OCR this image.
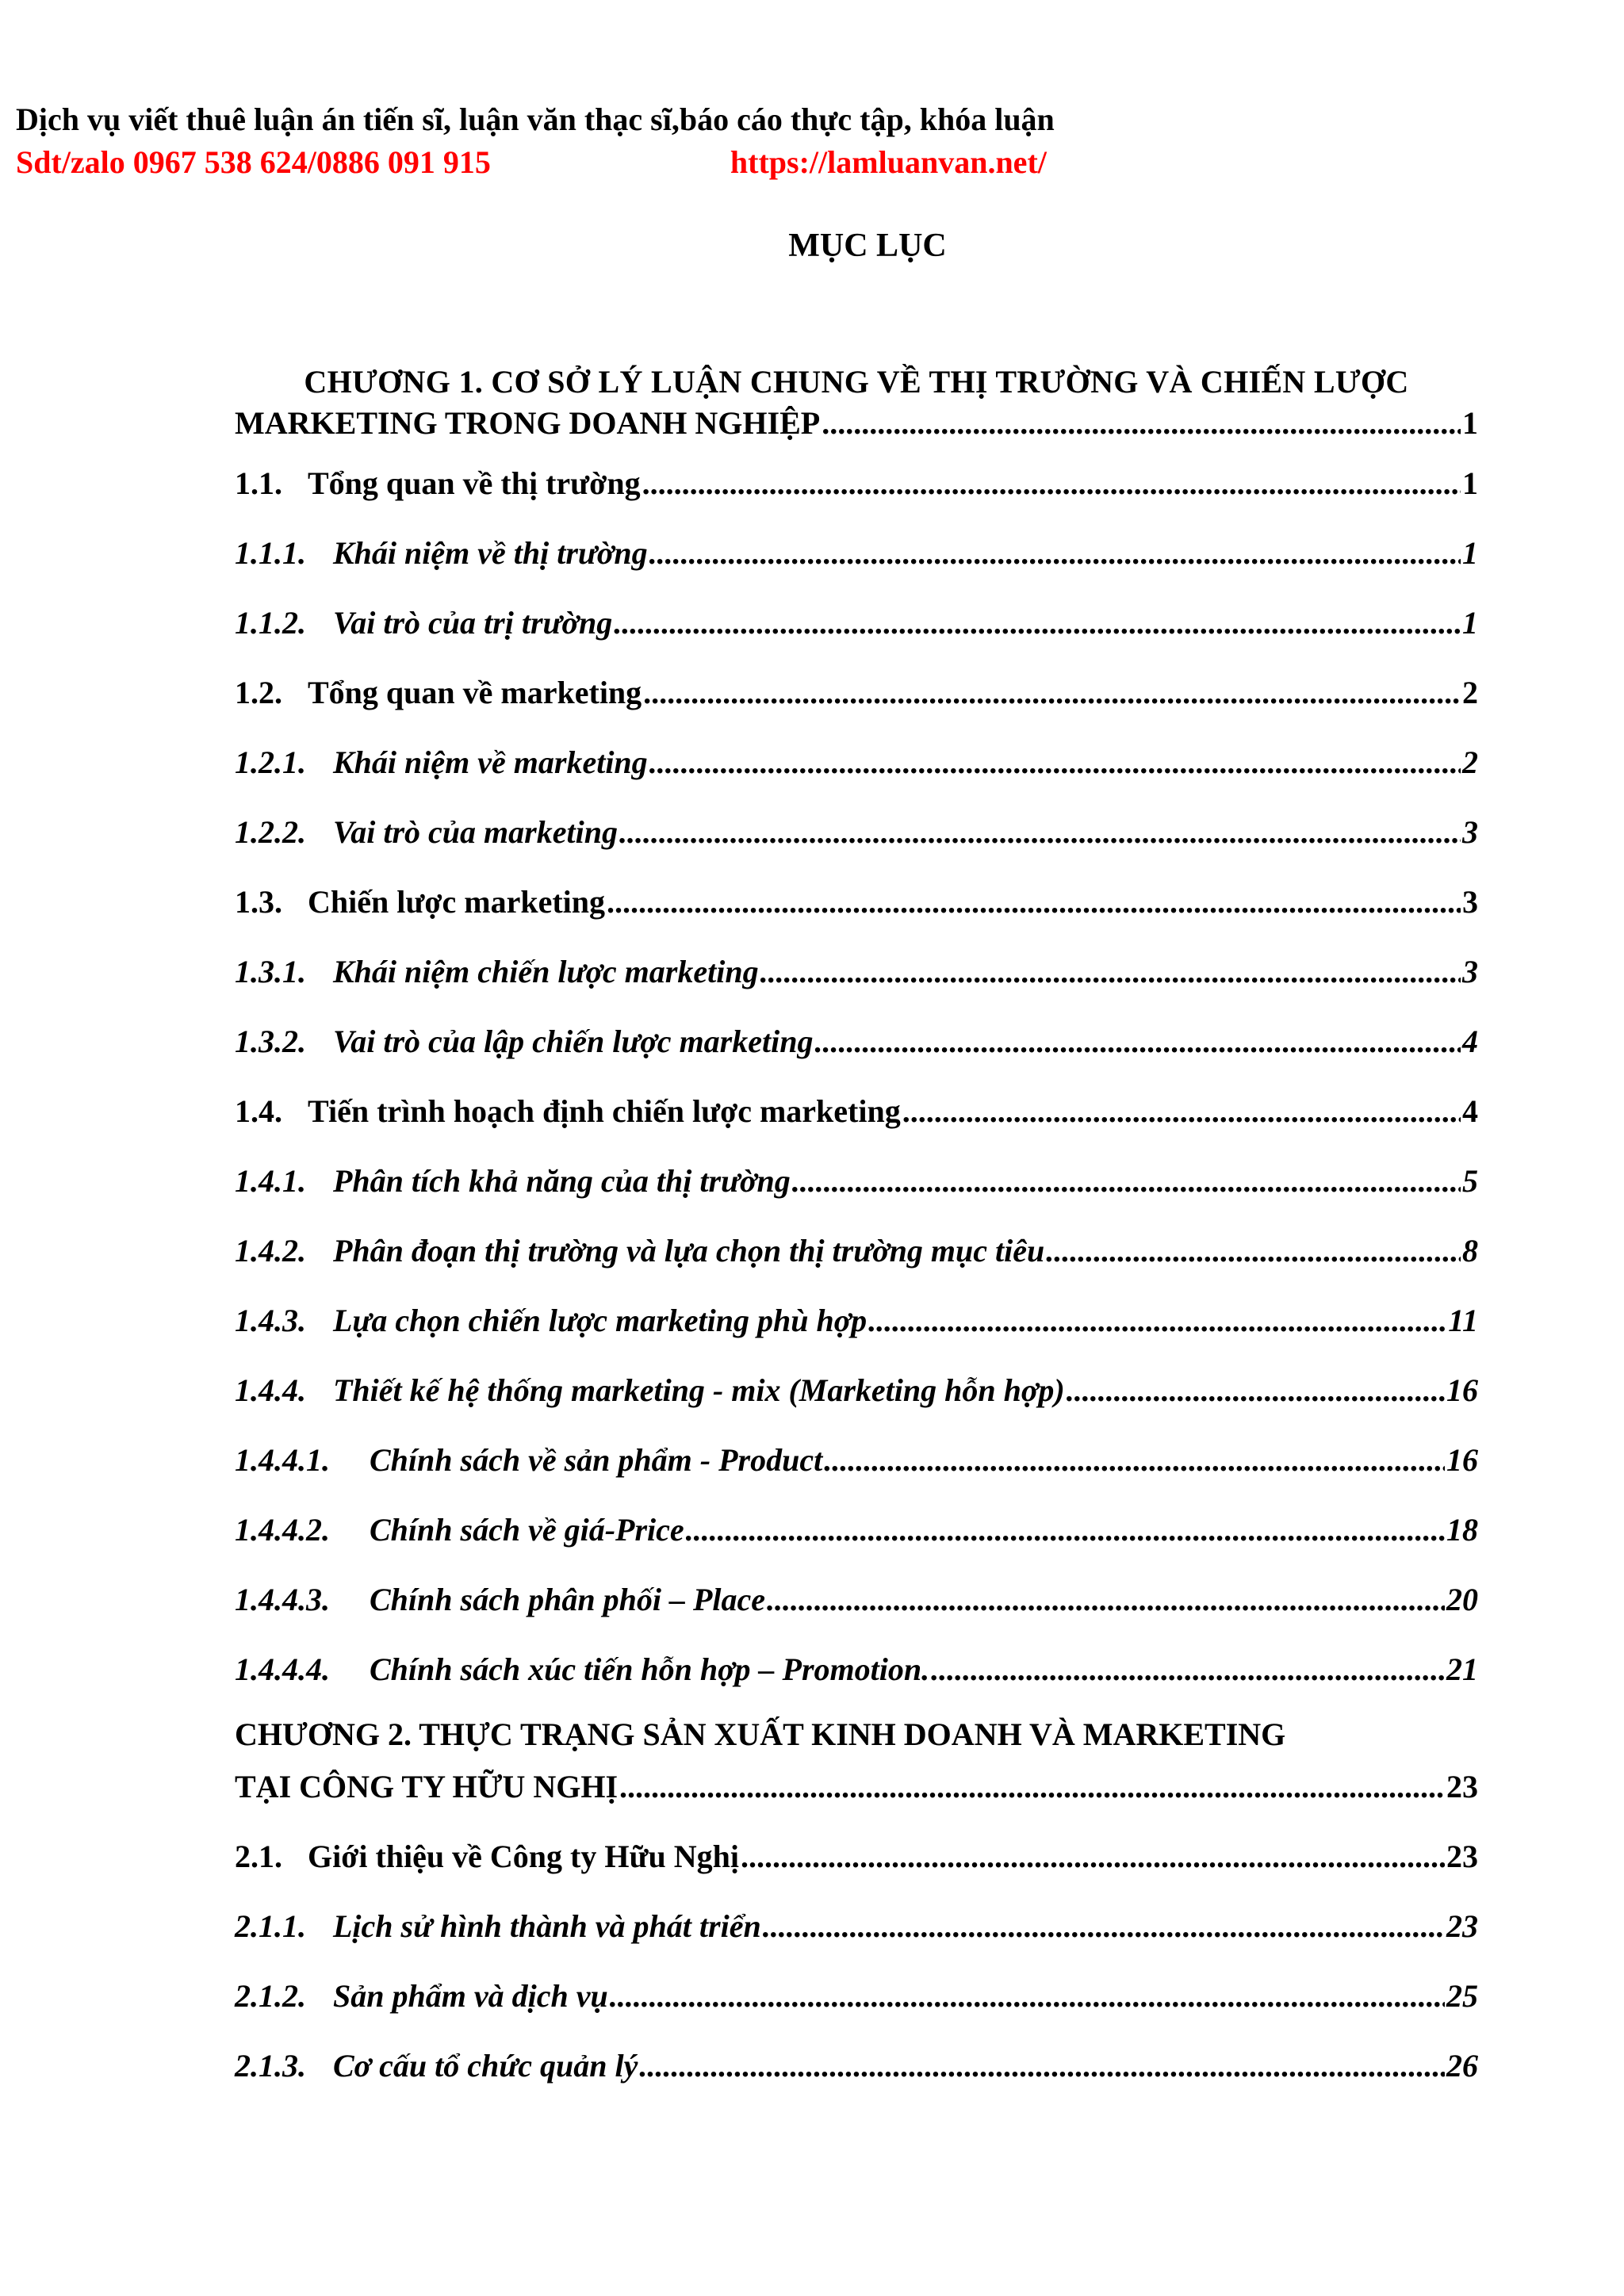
Dịch vụ viết thuê luận án tiến sĩ, luận văn thạc sĩ,báo cáo thực tập, khóa luận
Sdt/zalo 0967 538 624/0886 091 915	https://lamluanvan.net/
MỤC LỤC
CHƯƠNG 1. CƠ SỞ LÝ LUẬN CHUNG VỀ THỊ TRƯỜNG VÀ CHIẾN LƯỢC
MARKETING TRONG DOANH NGHIỆP .....	1
1.1. Tổng quan về thị trường .....	1
1.1.1. Khái niệm về thị trường .....	1
1.1.2. Vai trò của trị trường .....	1
1.2. Tổng quan về marketing .....	2
1.2.1. Khái niệm về marketing .....	2
1.2.2. Vai trò của marketing .....	3
1.3. Chiến lược marketing .....	3
1.3.1. Khái niệm chiến lược marketing .....	3
1.3.2. Vai trò của lập chiến lược marketing .....	4
1.4. Tiến trình hoạch định chiến lược marketing .....	4
1.4.1. Phân tích khả năng của thị trường .....	5
1.4.2. Phân đoạn thị trường và lựa chọn thị trường mục tiêu .....	8
1.4.3. Lựa chọn chiến lược marketing phù hợp .....	11
1.4.4. Thiết kế hệ thống marketing - mix (Marketing hỗn hợp) .....	16
1.4.4.1.	Chính sách về sản phẩm - Product .....	16
1.4.4.2.	Chính sách về giá-Price .....	18
1.4.4.3.	Chính sách phân phối – Place .....	20
1.4.4.4.	Chính sách xúc tiến hỗn hợp – Promotion. .....	21
CHƯƠNG 2. THỰC TRẠNG SẢN XUẤT KINH DOANH VÀ MARKETING
TẠI CÔNG TY HỮU NGHỊ .....	23
2.1. Giới thiệu về Công ty Hữu Nghị .....	23
2.1.1. Lịch sử hình thành và phát triển .....	23
2.1.2. Sản phẩm và dịch vụ .....	25
2.1.3. Cơ cấu tổ chức quản lý .....	26
